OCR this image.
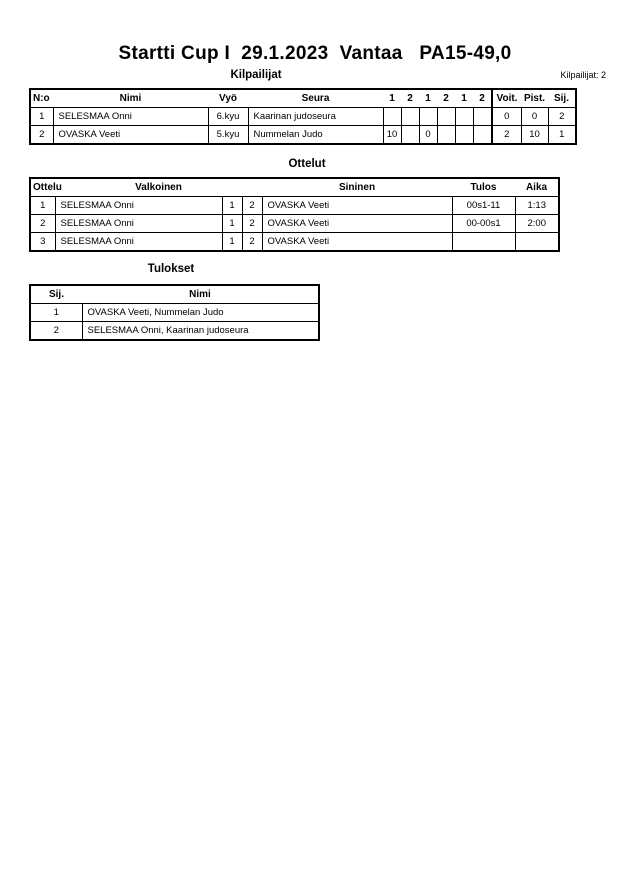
Startti Cup I  29.1.2023  Vantaa   PA15-49,0
Kilpailijat: 2
Kilpailijat
N:o	Nimi	Vyö	Seura	1	2	1	2	1	2	Voit.	Pist.	Sij.
1	SELESMAA Onni	6.kyu	Kaarinan judoseura							0	0	2
2	OVASKA Veeti	5.kyu	Nummelan Judo	10		0				2	10	1
Ottelut
Ottelu	Valkoinen			Sininen	Tulos	Aika
1	SELESMAA Onni	1	2	OVASKA Veeti	00s1-11	1:13
2	SELESMAA Onni	1	2	OVASKA Veeti	00-00s1	2:00
3	SELESMAA Onni	1	2	OVASKA Veeti		
Tulokset
Sij.	Nimi
1	OVASKA Veeti, Nummelan Judo
2	SELESMAA Onni, Kaarinan judoseura
